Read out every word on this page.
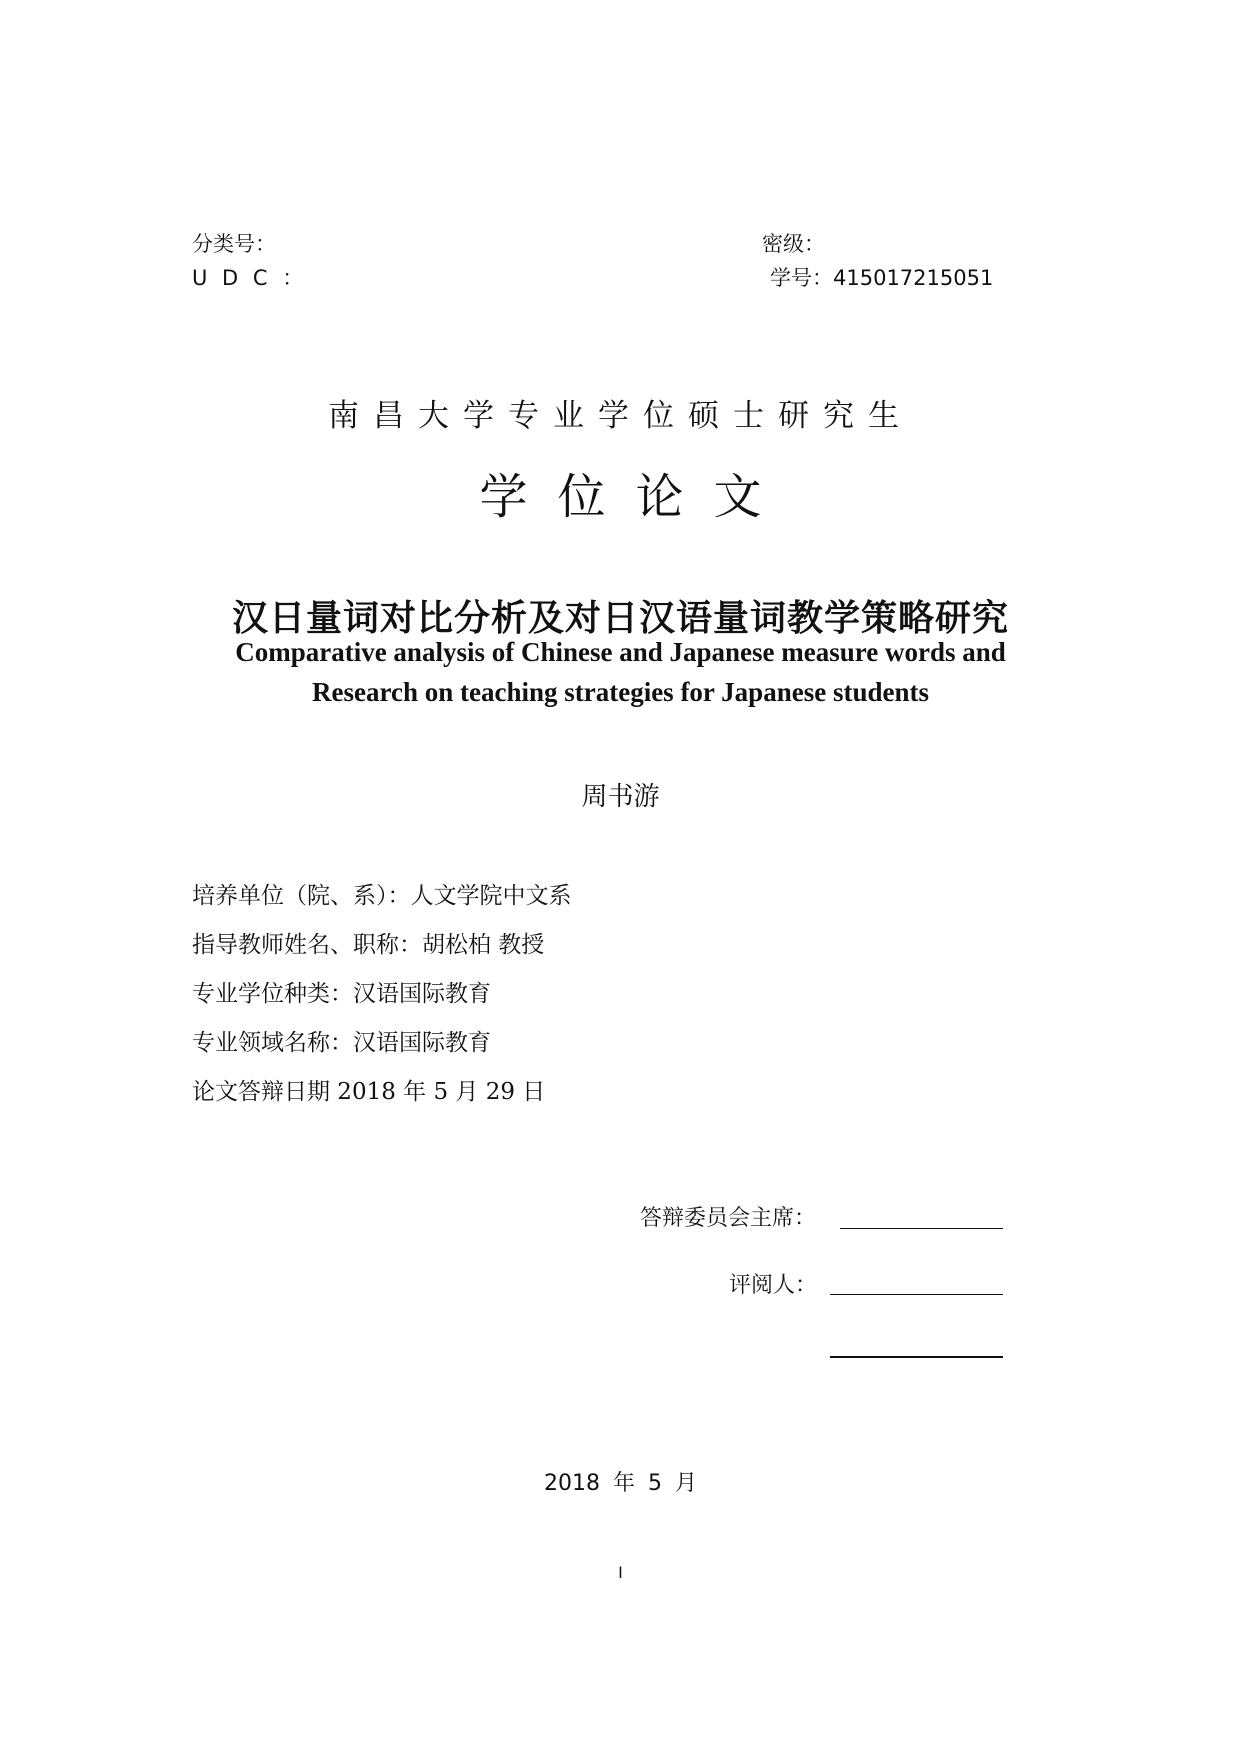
分类号：
U D C ：
密级：
学号：415017215051
南昌大学专业学位硕士研究生
学位论文
汉日量词对比分析及对日汉语量词教学策略研究
Comparative analysis of Chinese and Japanese measure words and
Research on teaching strategies for Japanese students
周书游
培养单位（院、系）：人文学院中文系
指导教师姓名、职称：胡松柏 教授
专业学位种类：汉语国际教育
专业领域名称：汉语国际教育
论文答辩日期 2018 年 5 月 29 日
答辩委员会主席：
评阅人：
2018 年 5 月
I
